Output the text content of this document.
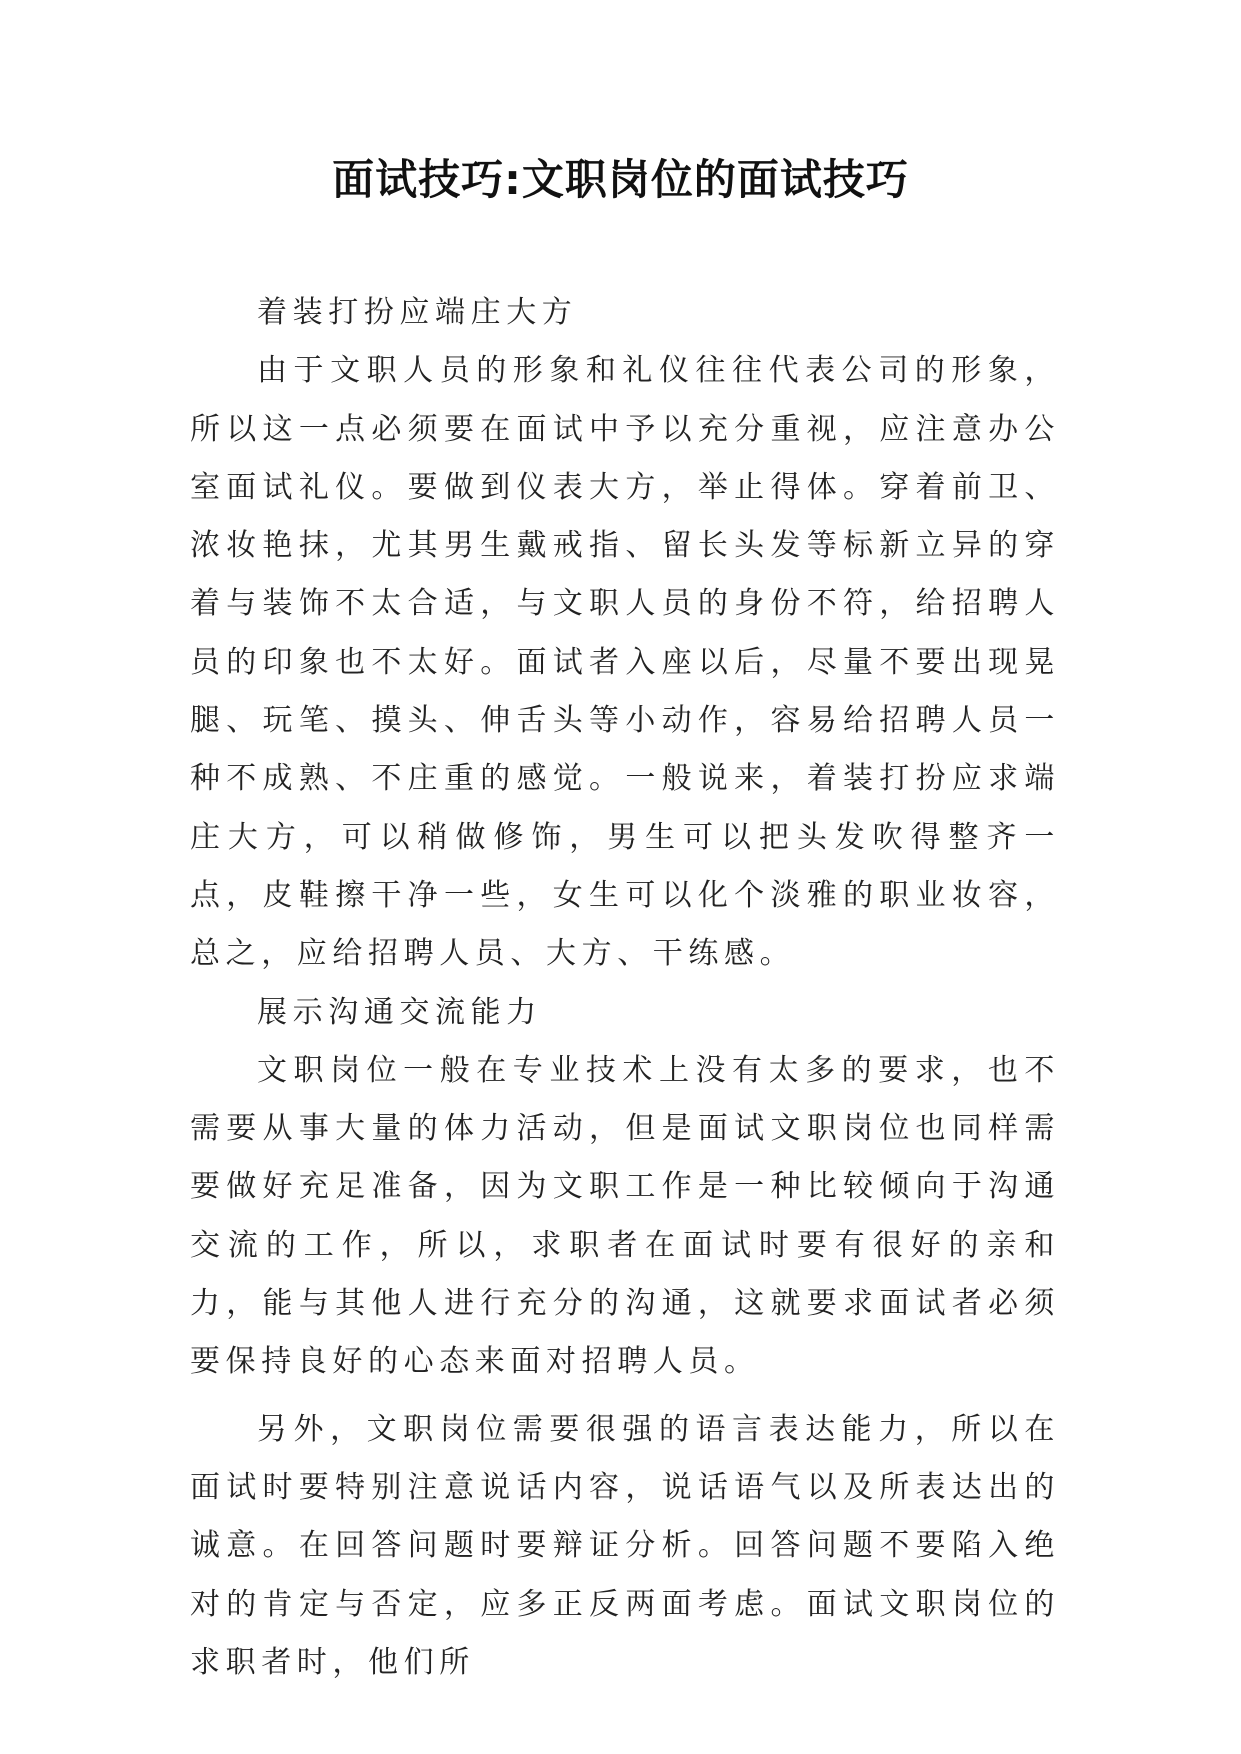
面试技巧:文职岗位的面试技巧

着装打扮应端庄大方

由于文职人员的形象和礼仪往往代表公司的形象，所以这一点必须要在面试中予以充分重视，应注意办公室面试礼仪。要做到仪表大方，举止得体。穿着前卫、浓妆艳抹，尤其男生戴戒指、留长头发等标新立异的穿着与装饰不太合适，与文职人员的身份不符，给招聘人员的印象也不太好。面试者入座以后，尽量不要出现晃腿、玩笔、摸头、伸舌头等小动作，容易给招聘人员一种不成熟、不庄重的感觉。一般说来，着装打扮应求端庄大方，可以稍做修饰，男生可以把头发吹得整齐一点，皮鞋擦干净一些，女生可以化个淡雅的职业妆容，总之，应给招聘人员、大方、干练感。

展示沟通交流能力

文职岗位一般在专业技术上没有太多的要求，也不需要从事大量的体力活动，但是面试文职岗位也同样需要做好充足准备，因为文职工作是一种比较倾向于沟通交流的工作，所以，求职者在面试时要有很好的亲和力，能与其他人进行充分的沟通，这就要求面试者必须要保持良好的心态来面对招聘人员。

另外，文职岗位需要很强的语言表达能力，所以在面试时要特别注意说话内容，说话语气以及所表达出的诚意。在回答问题时要辩证分析。回答问题不要陷入绝对的肯定与否定，应多正反两面考虑。面试文职岗位的求职者时，他们所
